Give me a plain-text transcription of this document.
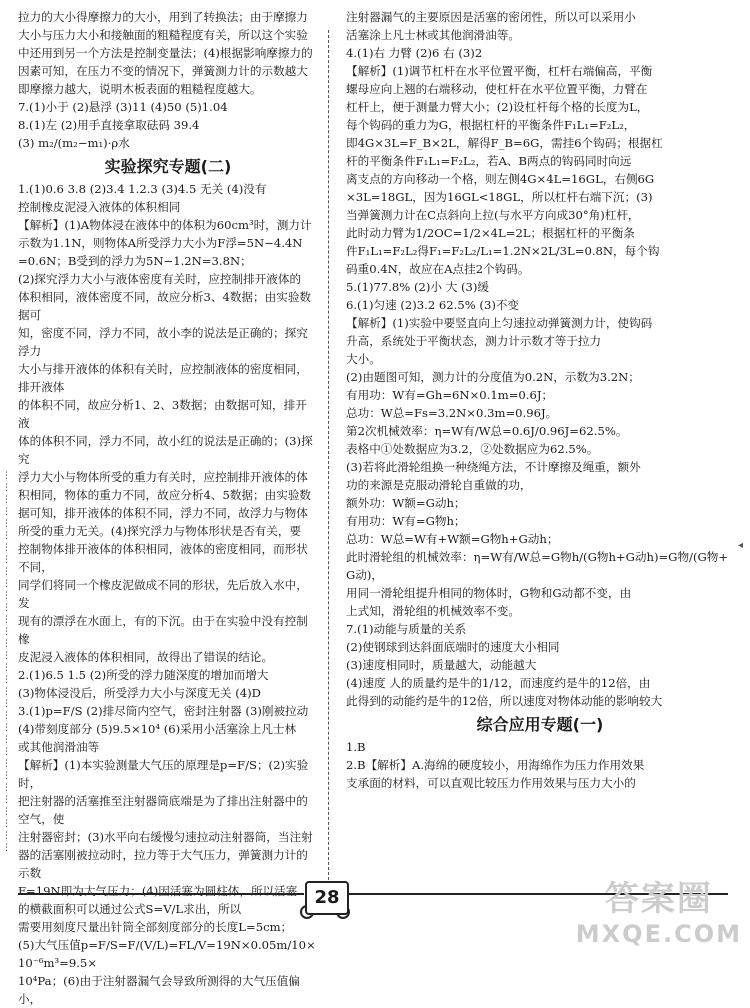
拉力的大小得摩擦力的大小，用到了转换法；由于摩擦力

大小与压力大小和接触面的粗糙程度有关，所以这个实验

中还用到另一个方法是控制变量法；(4)根据影响摩擦力的

因素可知，在压力不变的情况下，弹簧测力计的示数越大

即摩擦力越大，说明木板表面的粗糙程度越大。

7.(1)小于 (2)悬浮 (3)11 (4)50 (5)1.04

8.(1)左 (2)用手直接拿取砝码 39.4

(3) m₂/(m₂−m₁)·ρ水

实验探究专题(二)

1.(1)0.6 3.8 (2)3.4 1.2.3 (3)4.5 无关 (4)没有

控制橡皮泥浸入液体的体积相同

【解析】(1)A物体浸在液体中的体积为60cm³时，测力计

示数为1.1N，则物体A所受浮力大小为F浮=5N−4.4N

=0.6N；B受到的浮力为5N−1.2N=3.8N；

(2)探究浮力大小与液体密度有关时，应控制排开液体的

体积相同，液体密度不同，故应分析3、4数据；由实验数据可

知，密度不同，浮力不同，故小李的说法是正确的；探究浮力

大小与排开液体的体积有关时，应控制液体的密度相同，排开液体

的体积不同，故应分析1、2、3数据；由数据可知，排开液

体的体积不同，浮力不同，故小红的说法是正确的；(3)探究

浮力大小与物体所受的重力有关时，应控制排开液体的体

积相同，物体的重力不同，故应分析4、5数据；由实验数

据可知，排开液体的体积不同，浮力不同，故浮力与物体

所受的重力无关。(4)探究浮力与物体形状是否有关，要

控制物体排开液体的体积相同，液体的密度相同，而形状不同，

同学们将同一个橡皮泥做成不同的形状，先后放入水中，发

现有的漂浮在水面上，有的下沉。由于在实验中没有控制橡

皮泥浸入液体的体积相同，故得出了错误的结论。

2.(1)6.5 1.5 (2)所受的浮力随深度的增加而增大

(3)物体浸没后，所受浮力大小与深度无关 (4)D

3.(1)p=F/S (2)排尽筒内空气，密封注射器 (3)刚被拉动

(4)带刻度部分 (5)9.5×10⁴ (6)采用小活塞涂上凡士林

或其他润滑油等

【解析】(1)本实验测量大气压的原理是p=F/S；(2)实验时，

把注射器的活塞推至注射器筒底端是为了排出注射器中的空气，使

注射器密封；(3)水平向右缓慢匀速拉动注射器筒，当注射

器的活塞刚被拉动时，拉力等于大气压力，弹簧测力计的示数

F=19N即为大气压力；(4)因活塞为圆柱体，所以活塞

的横截面积可以通过公式S=V/L求出，所以

需要用刻度尺量出针筒全部刻度部分的长度L=5cm；

(5)大气压值p=F/S=F/(V/L)=FL/V=19N×0.05m/10×10⁻⁶m³=9.5×

10⁴Pa；(6)由于注射器漏气会导致所测得的大气压值偏小，

⋮
⋮
⋮
⋮
⋮
⋮
⋮
⋮
⋮
⋮
⋮
⋮
⋮
⋮
⋮
⋮
⋮
⋮
⋮
⋮
⋮
⋮
⋮
⋮
⋮
⋮
⋮
⋮
⋮
⋮
⋮
⋮

注射器漏气的主要原因是活塞的密闭性，所以可以采用小

活塞涂上凡士林或其他润滑油等。

4.(1)右 力臂 (2)6 右 (3)2

【解析】(1)调节杠杆在水平位置平衡，杠杆右端偏高，平衡

螺母应向上翘的右端移动，使杠杆在水平位置平衡，力臂在

杠杆上，便于测量力臂大小；(2)设杠杆每个格的长度为L，

每个钩码的重力为G，根据杠杆的平衡条件F₁L₁=F₂L₂，

即4G×3L=F_B×2L，解得F_B=6G，需挂6个钩码；根据杠

杆的平衡条件F₁L₁=F₂L₂，若A、B两点的钩码同时向远

离支点的方向移动一个格，则左侧4G×4L=16GL，右侧6G

×3L=18GL，因为16GL<18GL，所以杠杆右端下沉；(3)

当弹簧测力计在C点斜向上拉(与水平方向成30°角)杠杆，

此时动力臂为1/2OC=1/2×4L=2L；根据杠杆的平衡条

件F₁L₁=F₂L₂得F₁=F₂L₂/L₁=1.2N×2L/3L=0.8N，每个钩

码重0.4N，故应在A点挂2个钩码。

5.(1)77.8% (2)小 大 (3)缓

6.(1)匀速 (2)3.2 62.5% (3)不变

【解析】(1)实验中要竖直向上匀速拉动弹簧测力计，使钩码

升高，系统处于平衡状态，测力计示数才等于拉力

大小。

(2)由题图可知，测力计的分度值为0.2N，示数为3.2N；

有用功：W有=Gh=6N×0.1m=0.6J；

总功：W总=Fs=3.2N×0.3m=0.96J。

第2次机械效率：η=W有/W总=0.6J/0.96J=62.5%。

表格中①处数据应为3.2，②处数据应为62.5%。

(3)若将此滑轮组换一种绕绳方法，不计摩擦及绳重，额外

功的来源是克服动滑轮自重做的功，

额外功：W额=G动h；

有用功：W有=G物h；

总功：W总=W有+W额=G物h+G动h；

此时滑轮组的机械效率：η=W有/W总=G物h/(G物h+G动h)=G物/(G物+G动)，

用同一滑轮组提升相同的物体时，G物和G动都不变，由

上式知，滑轮组的机械效率不变。

7.(1)动能与质量的关系

(2)使钢球到达斜面底端时的速度大小相同

(3)速度相同时，质量越大，动能越大

(4)速度 人的质量约是牛的1/12，而速度约是牛的12倍，由

此得到的动能约是牛的12倍，所以速度对物体动能的影响较大

综合应用专题(一)

1.B

2.B【解析】A.海绵的硬度较小，用海绵作为压力作用效果

支承面的材料，可以直观比较压力作用效果与压力大小的

◂
28	答案圈
MXQE.COM
